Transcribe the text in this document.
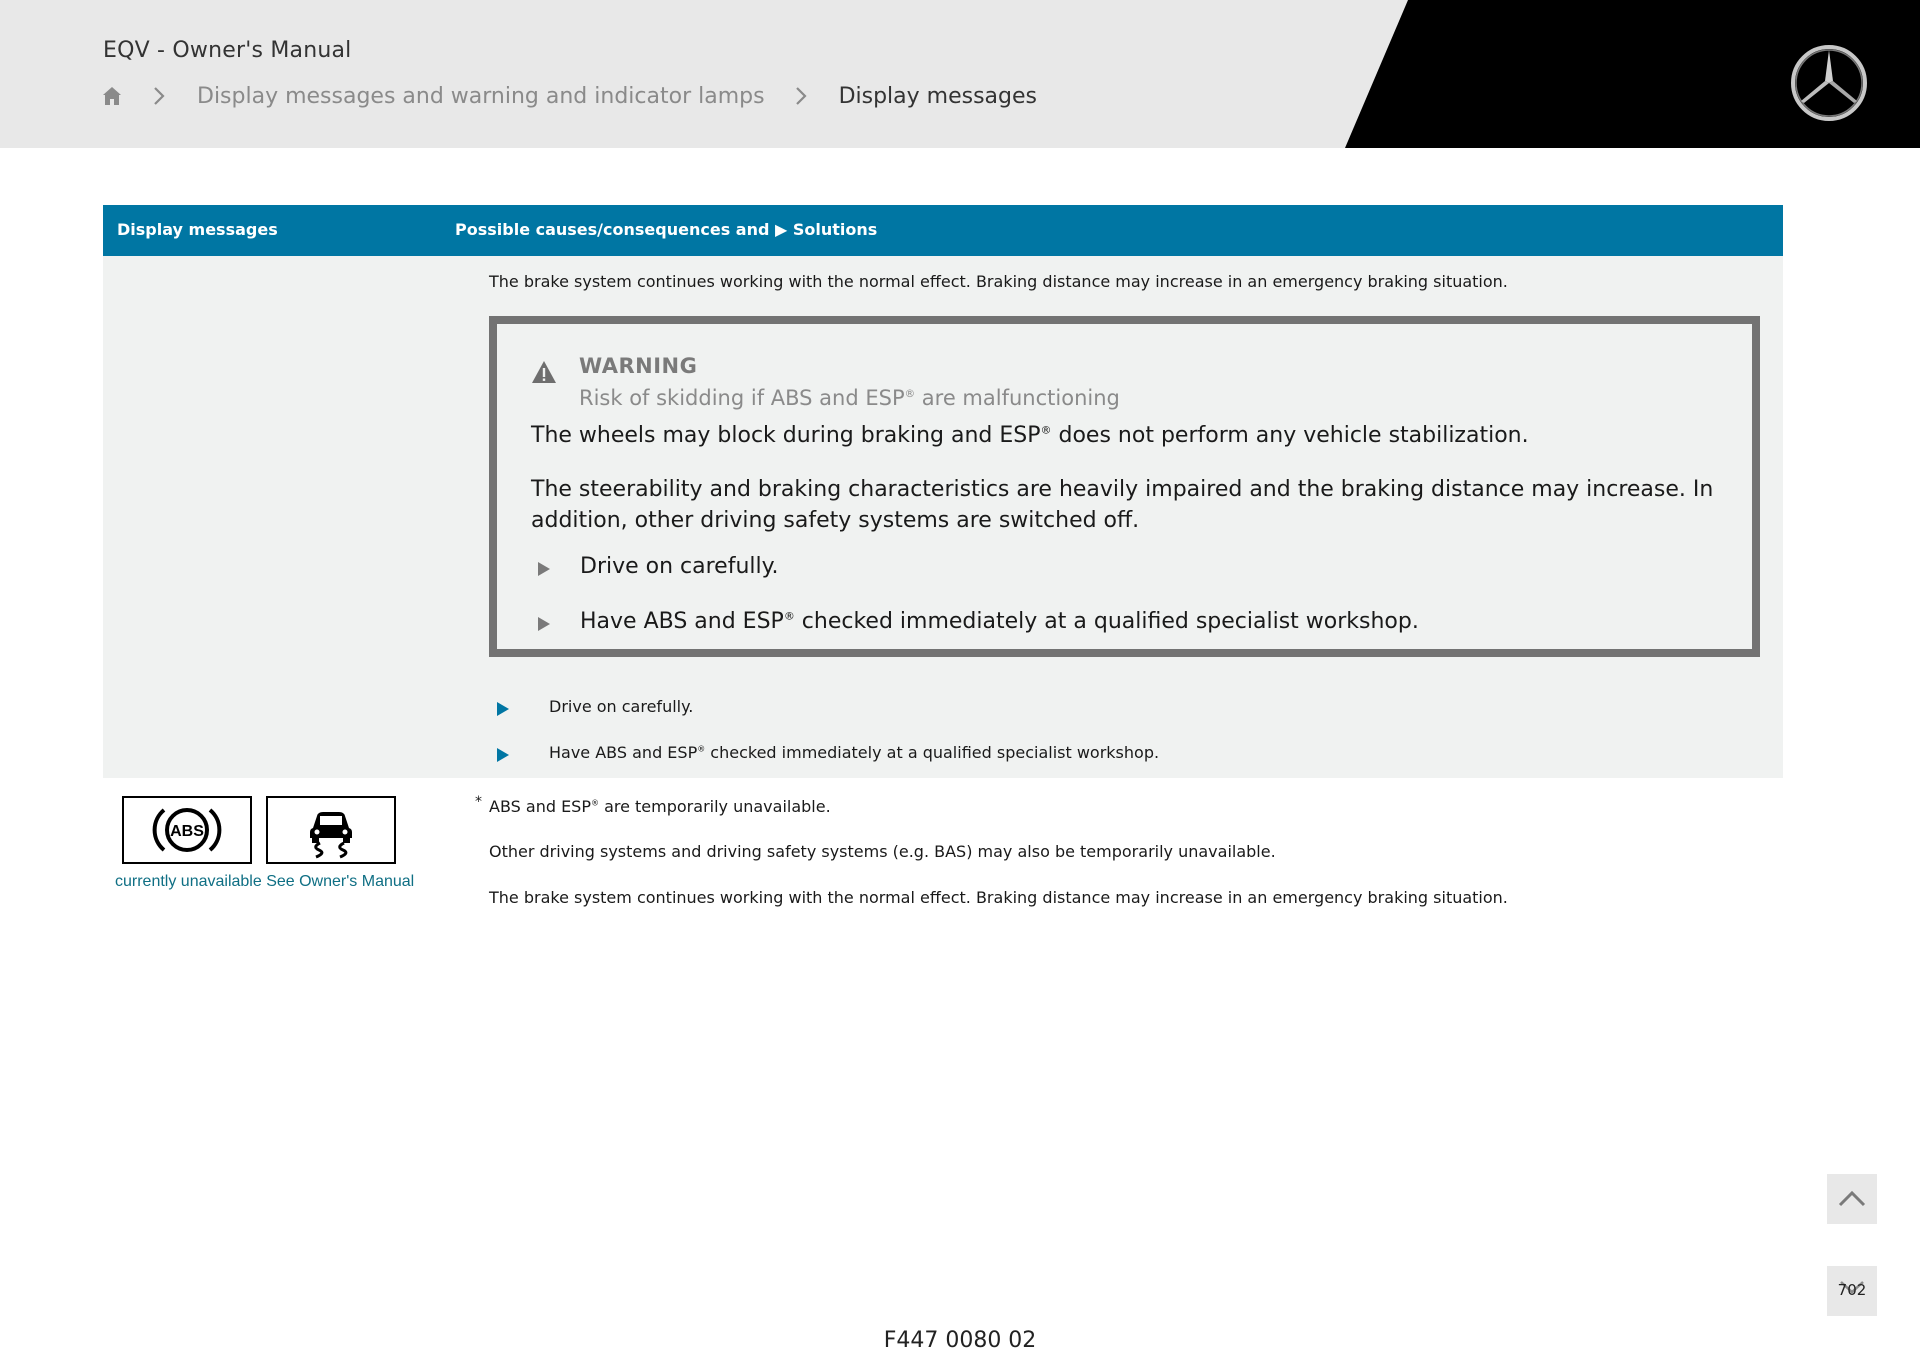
EQV - Owner's Manual
Display messages and warning and indicator lamps	Display messages
Display messages	Possible causes/consequences and ▶ Solutions
The brake system continues working with the normal effect. Braking distance may increase in an emergency braking situation.
WARNING
Risk of skidding if ABS and ESP® are malfunctioning
The wheels may block during braking and ESP® does not perform any vehicle stabilization.
The steerability and braking characteristics are heavily impaired and the braking distance may increase. In addition, other driving safety systems are switched off.
Drive on carefully.
Have ABS and ESP® checked immediately at a qualified specialist workshop.
Drive on carefully.
Have ABS and ESP® checked immediately at a qualified specialist workshop.
ABS
currently unavailable See Owner's Manual
* ABS and ESP® are temporarily unavailable.
Other driving systems and driving safety systems (e.g. BAS) may also be temporarily unavailable.
The brake system continues working with the normal effect. Braking distance may increase in an emergency braking situation.
702
F447 0080 02
